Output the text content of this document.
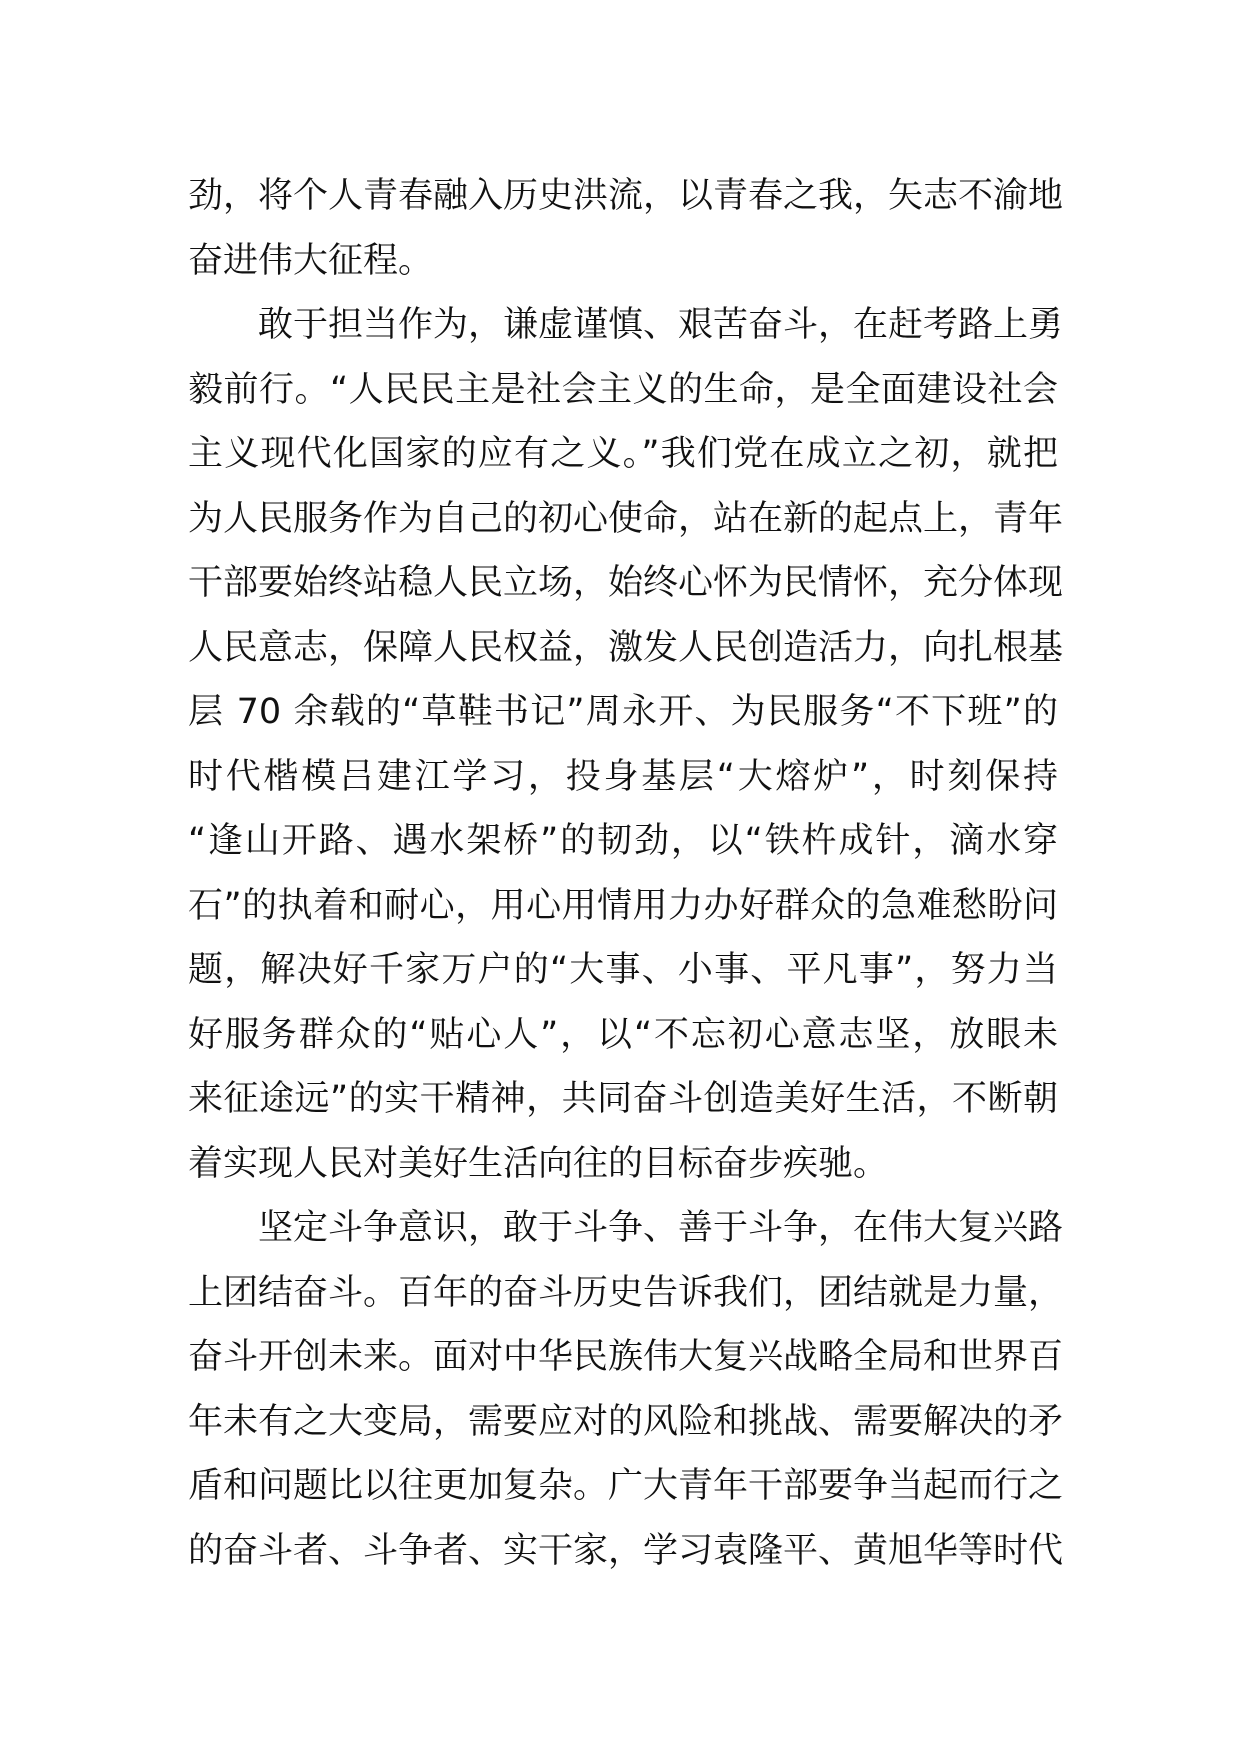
劲，将个人青春融入历史洪流，以青春之我，矢志不渝地
奋进伟大征程。
敢于担当作为，谦虚谨慎、艰苦奋斗，在赶考路上勇
毅前行。“人民民主是社会主义的生命，是全面建设社会
主义现代化国家的应有之义。”我们党在成立之初，就把
为人民服务作为自己的初心使命，站在新的起点上，青年
干部要始终站稳人民立场，始终心怀为民情怀，充分体现
人民意志，保障人民权益，激发人民创造活力，向扎根基
层 70 余载的“草鞋书记”周永开、为民服务“不下班”的
时代楷模吕建江学习，投身基层“大熔炉”，时刻保持
“逢山开路、遇水架桥”的韧劲，以“铁杵成针，滴水穿
石”的执着和耐心，用心用情用力办好群众的急难愁盼问
题，解决好千家万户的“大事、小事、平凡事”，努力当
好服务群众的“贴心人”，以“不忘初心意志坚，放眼未
来征途远”的实干精神，共同奋斗创造美好生活，不断朝
着实现人民对美好生活向往的目标奋步疾驰。
坚定斗争意识，敢于斗争、善于斗争，在伟大复兴路
上团结奋斗。百年的奋斗历史告诉我们，团结就是力量，
奋斗开创未来。面对中华民族伟大复兴战略全局和世界百
年未有之大变局，需要应对的风险和挑战、需要解决的矛
盾和问题比以往更加复杂。广大青年干部要争当起而行之
的奋斗者、斗争者、实干家，学习袁隆平、黄旭华等时代
